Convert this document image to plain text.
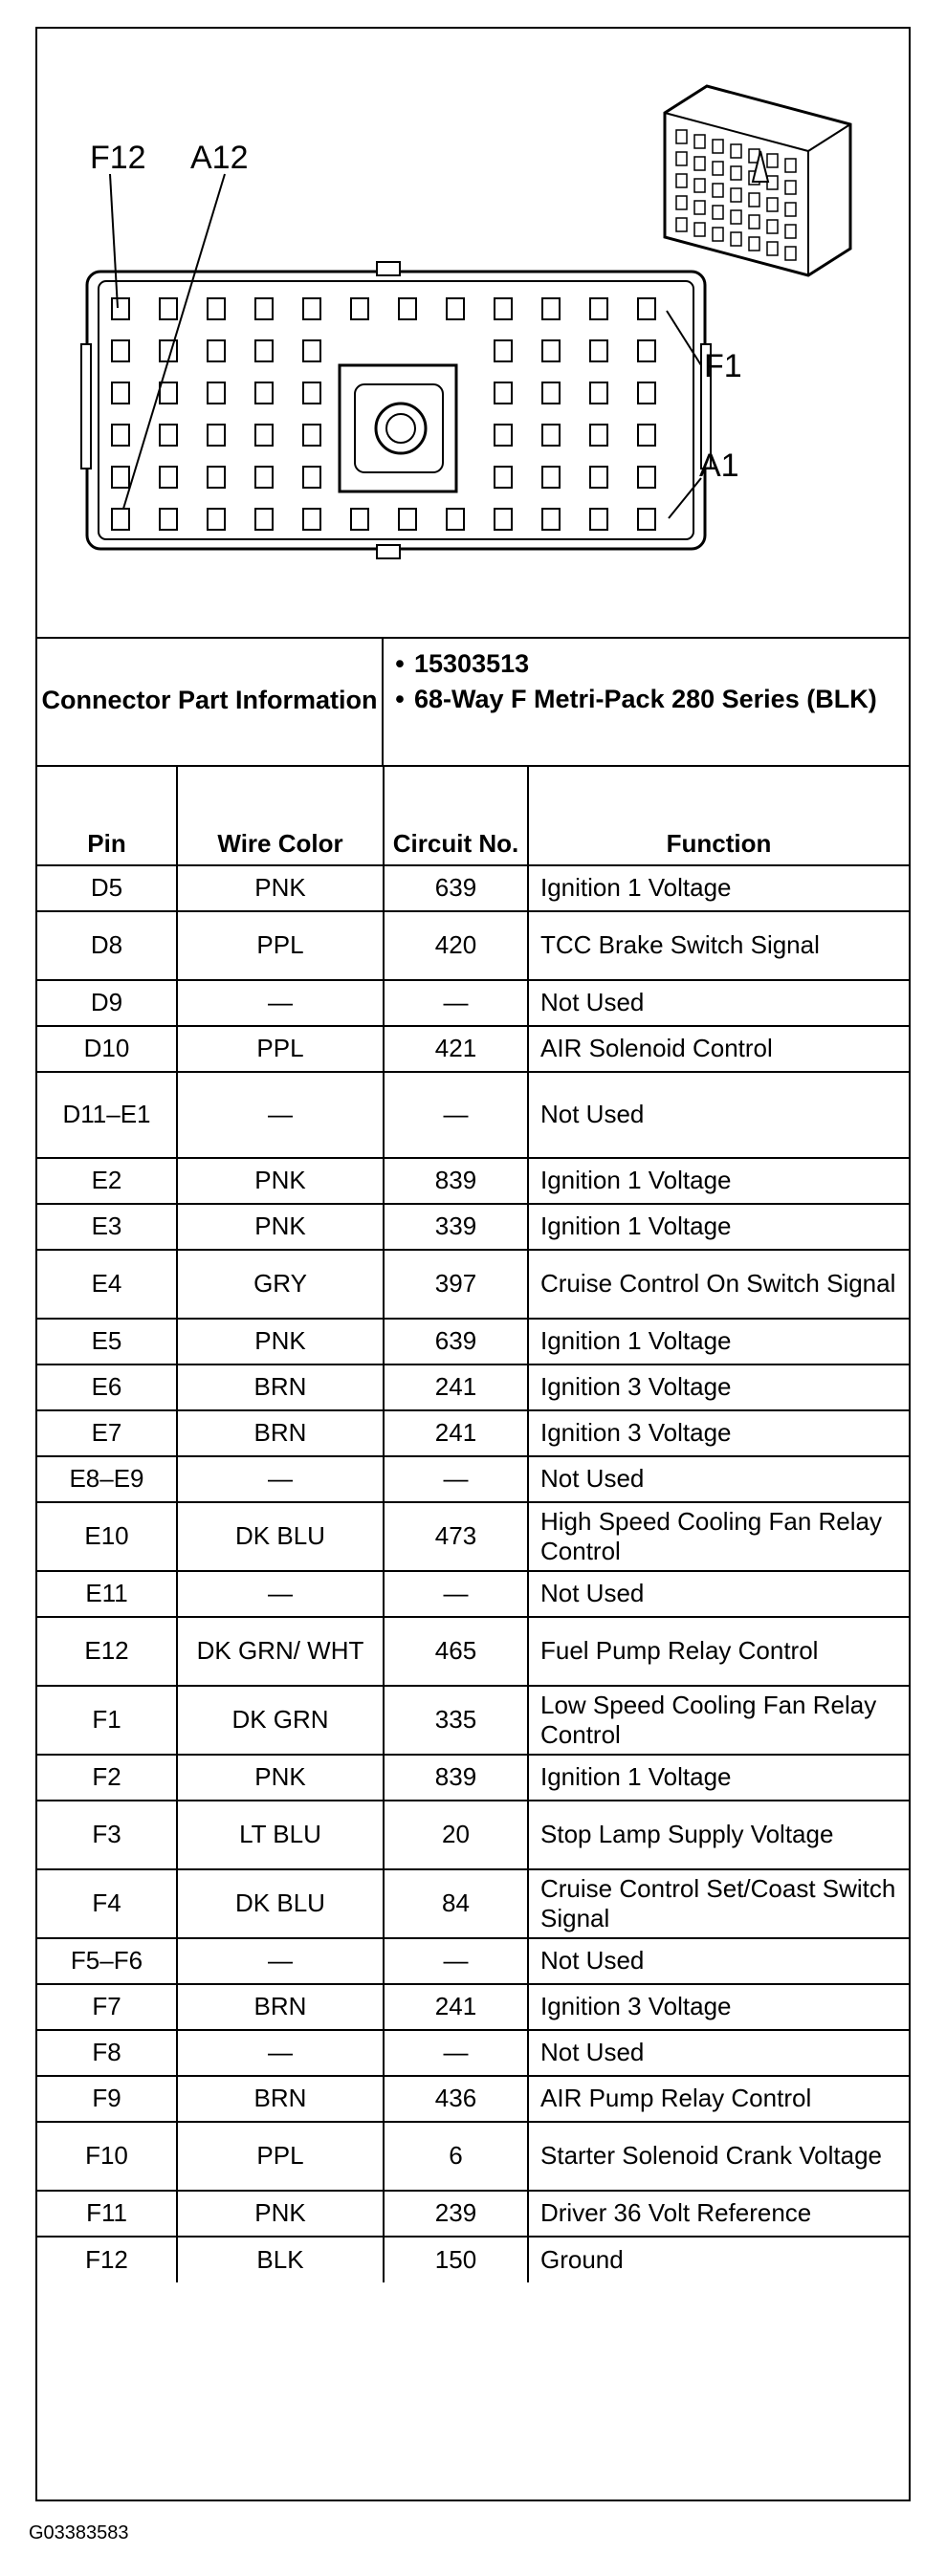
F12 A12
F1
A1
Connector Part Information
• 15303513
• 68-Way F Metri-Pack 280 Series (BLK)
Pin	Wire Color	Circuit No.	Function
D5	PNK	639	Ignition 1 Voltage
D8	PPL	420	TCC Brake Switch Signal
D9	—	—	Not Used
D10	PPL	421	AIR Solenoid Control
D11–E1	—	—	Not Used
E2	PNK	839	Ignition 1 Voltage
E3	PNK	339	Ignition 1 Voltage
E4	GRY	397	Cruise Control On Switch Signal
E5	PNK	639	Ignition 1 Voltage
E6	BRN	241	Ignition 3 Voltage
E7	BRN	241	Ignition 3 Voltage
E8–E9	—	—	Not Used
E10	DK BLU	473	High Speed Cooling Fan Relay Control
E11	—	—	Not Used
E12	DK GRN/ WHT	465	Fuel Pump Relay Control
F1	DK GRN	335	Low Speed Cooling Fan Relay Control
F2	PNK	839	Ignition 1 Voltage
F3	LT BLU	20	Stop Lamp Supply Voltage
F4	DK BLU	84	Cruise Control Set/Coast Switch Signal
F5–F6	—	—	Not Used
F7	BRN	241	Ignition 3 Voltage
F8	—	—	Not Used
F9	BRN	436	AIR Pump Relay Control
F10	PPL	6	Starter Solenoid Crank Voltage
F11	PNK	239	Driver 36 Volt Reference
F12	BLK	150	Ground
G03383583
